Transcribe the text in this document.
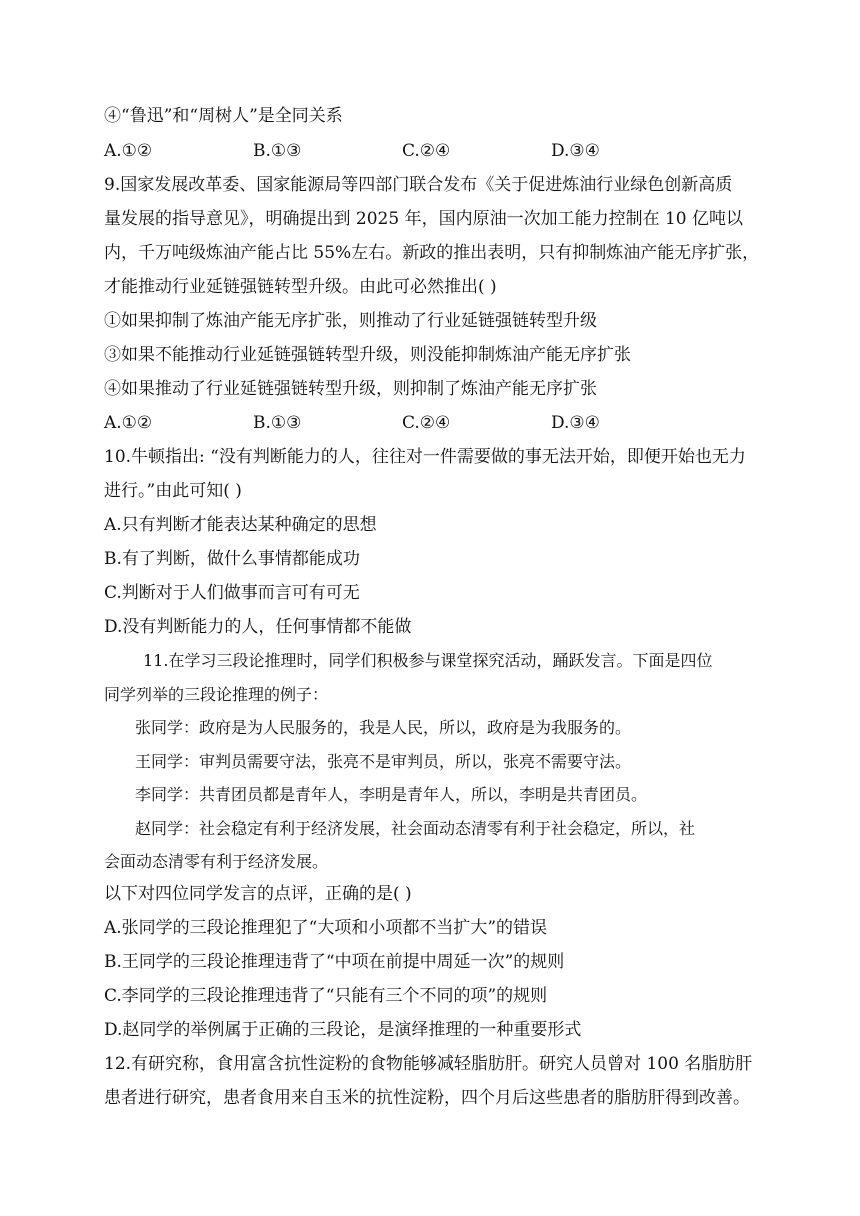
④“鲁迅”和“周树人”是全同关系
A.①②	B.①③	C.②④	D.③④
9.国家发展改革委、国家能源局等四部门联合发布《关于促进炼油行业绿色创新高质
量发展的指导意见》，明确提出到 2025 年，国内原油一次加工能力控制在 10 亿吨以
内，千万吨级炼油产能占比 55%左右。新政的推出表明，只有抑制炼油产能无序扩张，
才能推动行业延链强链转型升级。由此可必然推出( )
①如果抑制了炼油产能无序扩张，则推动了行业延链强链转型升级
③如果不能推动行业延链强链转型升级，则没能抑制炼油产能无序扩张
④如果推动了行业延链强链转型升级，则抑制了炼油产能无序扩张
A.①②	B.①③	C.②④	D.③④
10.牛顿指出: “没有判断能力的人，往往对一件需要做的事无法开始，即便开始也无力
进行。”由此可知( )
A.只有判断才能表达某种确定的思想
B.有了判断，做什么事情都能成功
C.判断对于人们做事而言可有可无
D.没有判断能力的人，任何事情都不能做
11.在学习三段论推理时，同学们积极参与课堂探究活动，踊跃发言。下面是四位
同学列举的三段论推理的例子：
张同学：政府是为人民服务的，我是人民，所以，政府是为我服务的。
王同学：审判员需要守法，张亮不是审判员，所以，张亮不需要守法。
李同学：共青团员都是青年人，李明是青年人，所以，李明是共青团员。
赵同学：社会稳定有利于经济发展，社会面动态清零有利于社会稳定，所以，社
会面动态清零有利于经济发展。
以下对四位同学发言的点评，正确的是( )
A.张同学的三段论推理犯了“大项和小项都不当扩大”的错误
B.王同学的三段论推理违背了“中项在前提中周延一次”的规则
C.李同学的三段论推理违背了“只能有三个不同的项”的规则
D.赵同学的举例属于正确的三段论，是演绎推理的一种重要形式
12.有研究称，食用富含抗性淀粉的食物能够减轻脂肪肝。研究人员曾对 100 名脂肪肝
患者进行研究，患者食用来自玉米的抗性淀粉，四个月后这些患者的脂肪肝得到改善。
